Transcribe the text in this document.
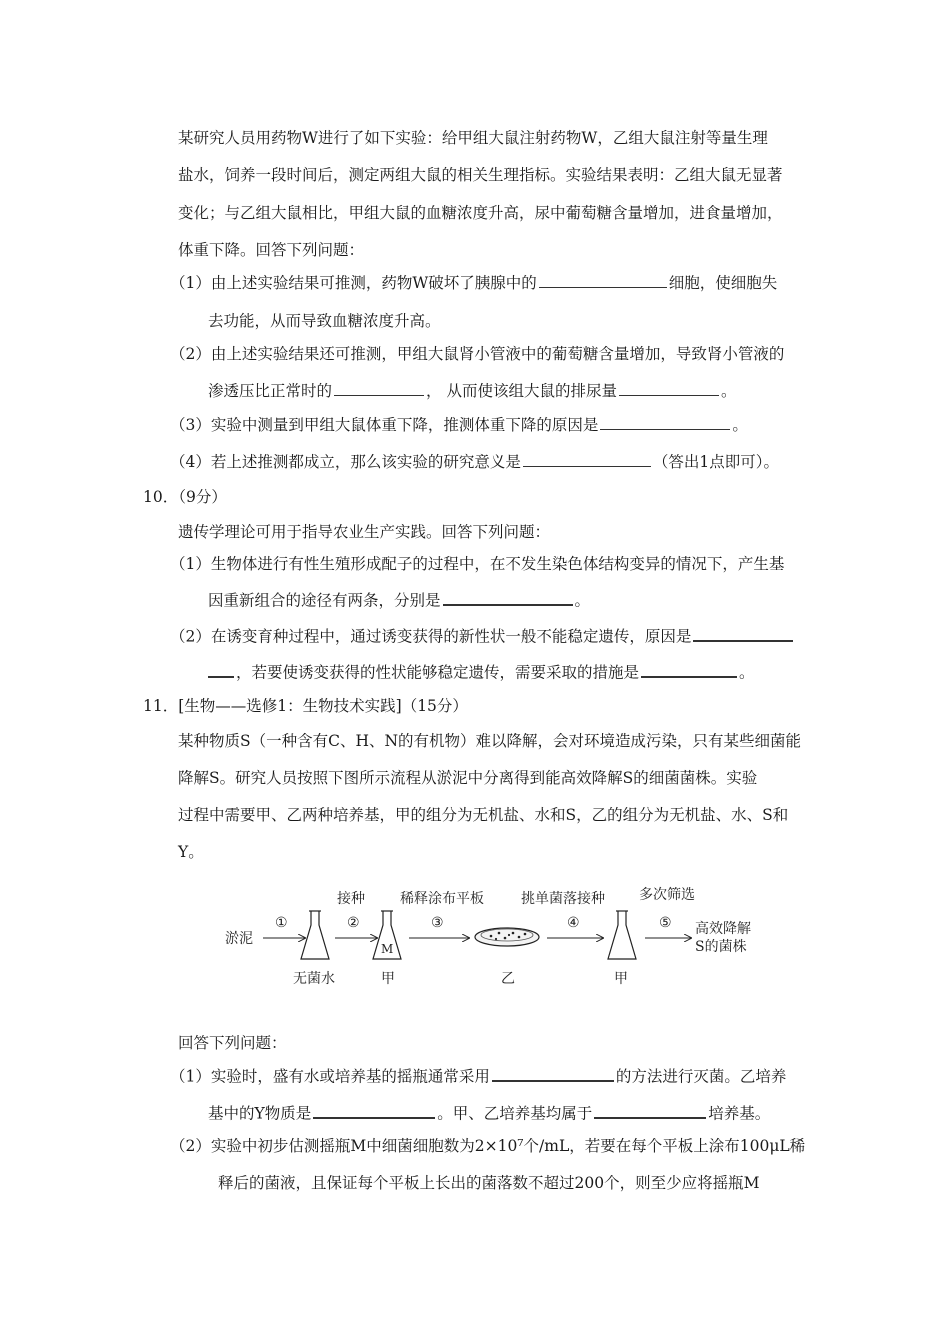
某研究人员用药物W进行了如下实验：给甲组大鼠注射药物W，乙组大鼠注射等量生理
盐水，饲养一段时间后，测定两组大鼠的相关生理指标。实验结果表明：乙组大鼠无显著
变化；与乙组大鼠相比，甲组大鼠的血糖浓度升高，尿中葡萄糖含量增加，进食量增加，
体重下降。回答下列问题：
（1）由上述实验结果可推测，药物W破坏了胰腺中的	细胞，使细胞失
去功能，从而导致血糖浓度升高。
（2）由上述实验结果还可推测，甲组大鼠肾小管液中的葡萄糖含量增加，导致肾小管液的
渗透压比正常时的	， 从而使该组大鼠的排尿量	。
（3）实验中测量到甲组大鼠体重下降，推测体重下降的原因是	。
（4）若上述推测都成立，那么该实验的研究意义是	（答出1点即可）。
10．（9分）
遗传学理论可用于指导农业生产实践。回答下列问题：
（1）生物体进行有性生殖形成配子的过程中，在不发生染色体结构变异的情况下，产生基
因重新组合的途径有两条，分别是	。
（2）在诱变育种过程中，通过诱变获得的新性状一般不能稳定遗传，原因是
，若要使诱变获得的性状能够稳定遗传，需要采取的措施是	。
11．[生物——选修1：生物技术实践]（15分）
某种物质S（一种含有C、H、N的有机物）难以降解，会对环境造成污染，只有某些细菌能
降解S。研究人员按照下图所示流程从淤泥中分离得到能高效降解S的细菌菌株。实验
过程中需要甲、乙两种培养基，甲的组分为无机盐、水和S，乙的组分为无机盐、水、S和
Y。
淤泥
①
无菌水
②
接种
M
甲
③
稀释涂布平板
乙
④
挑单菌落接种
甲
⑤
多次筛选
高效降解
S的菌株
回答下列问题：
（1）实验时，盛有水或培养基的摇瓶通常采用	的方法进行灭菌。乙培养
基中的Y物质是	。甲、乙培养基均属于	培养基。
（2）实验中初步估测摇瓶M中细菌细胞数为2×10⁷个/mL，若要在每个平板上涂布100μL稀
释后的菌液，且保证每个平板上长出的菌落数不超过200个，则至少应将摇瓶M
